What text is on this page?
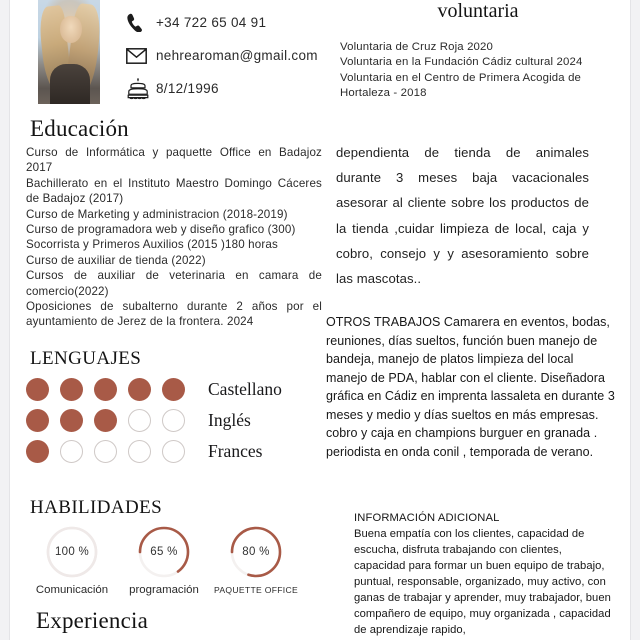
+34 722 65 04 91
nehrearoman@gmail.com
8/12/1996
Educación
Curso de Informática y paquette Office en Badajoz 2017
Bachillerato en el Instituto Maestro Domingo Cáceres de Badajoz (2017)
Curso de Marketing y administracion (2018-2019)
Curso de programadora web y diseño grafico (300)
Socorrista y Primeros Auxilios (2015 )180 horas
Curso de auxiliar de tienda (2022)
Cursos de auxiliar de veterinaria en camara de comercio(2022)
Oposiciones de subalterno durante 2 años por el ayuntamiento de Jerez de la frontera. 2024
LENGUAJES
Castellano
Inglés
Frances
HABILIDADES
100 %
Comunicación
65 %
programación
80 %
PAQUETTE OFFICE
Experiencia
voluntaria
Voluntaria de Cruz Roja 2020
Voluntaria en la Fundación Cádiz cultural 2024
Voluntaria en el Centro de Primera Acogida de Hortaleza - 2018
dependienta de tienda de animales durante 3 meses baja vacacionales asesorar al cliente sobre los productos de la tienda ,cuidar limpieza de local, caja y cobro, consejo y y asesoramiento sobre las mascotas..
OTROS TRABAJOS Camarera en eventos, bodas, reuniones, días sueltos, función buen manejo de bandeja, manejo de platos limpieza del local manejo de PDA, hablar con el cliente. Diseñadora gráfica en Cádiz en imprenta lassaleta en durante 3 meses y medio y días sueltos en más empresas. cobro y caja en champions burguer en granada . periodista en onda conil , temporada de verano.
INFORMACIÓN ADICIONAL
Buena empatía con los clientes, capacidad de escucha, disfruta trabajando con clientes, capacidad para formar un buen equipo de trabajo, puntual, responsable, organizado, muy activo, con ganas de trabajar y aprender, muy trabajador, buen compañero de equipo, muy organizada , capacidad de aprendizaje rapido,
